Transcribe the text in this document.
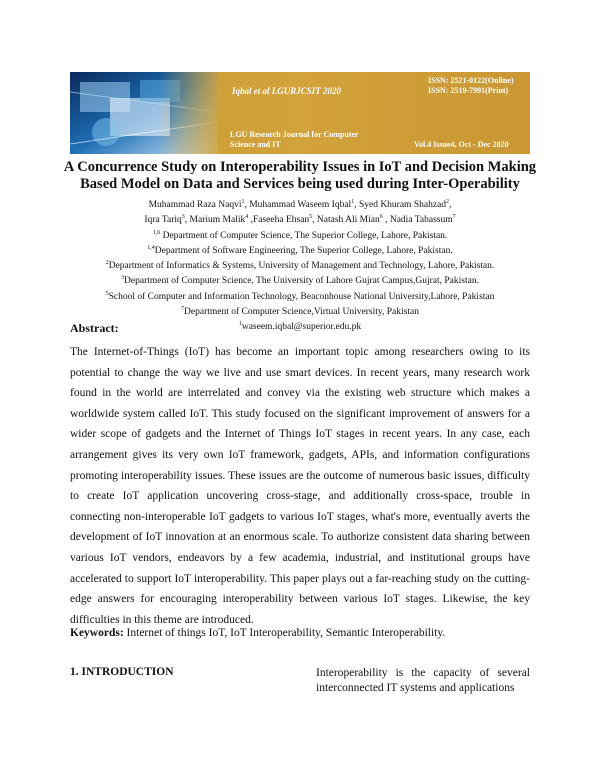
Iqbal et al LGURJCSIT 2020
ISSN: 2521-0122(Online)
ISSN: 2519-7991(Print)
LGU Research Journal for Computer Science and IT	Vol.4 Issue4, Oct - Dec 2020
A Concurrence Study on Interoperability Issues in IoT and Decision Making
Based Model on Data and Services being used during Inter-Operability
Muhammad Raza Naqvi$^1$, Muhammad Waseem Iqbal$^1$, Syed Khuram Shahzad$^2$,
Iqra Tariq$^3$, Marium Malik$^4$ ,Faseeha Ehsan$^5$, Natash Ali Mian$^6$ , Nadia Tabassum$^7$
$^{1,6}$ Department of Computer Science, The Superior College, Lahore, Pakistan.
$^{1,4}$Department of Software Engineering, The Superior College, Lahore, Pakistan.
$^2$Department of Informatics & Systems, University of Management and Technology, Lahore, Pakistan.
$^3$Department of Computer Science, The University of Lahore Gujrat Campus,Gujrat, Pakistan.
$^5$School of Computer and Information Technology, Beaconhouse National University,Lahore, Pakistan
$^7$Department of Computer Science,Virtual University, Pakistan
$^1$waseem.iqbal@superior.edu.pk
Abstract:
The Internet-of-Things (IoT) has become an important topic among researchers owing to its potential to change the way we live and use smart devices. In recent years, many research work found in the world are interrelated and convey via the existing web structure which makes a worldwide system called IoT. This study focused on the significant improvement of answers for a wider scope of gadgets and the Internet of Things IoT stages in recent years. In any case, each arrangement gives its very own IoT framework, gadgets, APIs, and information configurations promoting interoperability issues. These issues are the outcome of numerous basic issues, difficulty to create IoT application uncovering cross-stage, and additionally cross-space, trouble in connecting non-interoperable IoT gadgets to various IoT stages, what's more, eventually averts the development of IoT innovation at an enormous scale. To authorize consistent data sharing between various IoT vendors, endeavors by a few academia, industrial, and institutional groups have accelerated to support IoT interoperability. This paper plays out a far-reaching study on the cutting-edge answers for encouraging interoperability between various IoT stages. Likewise, the key difficulties in this theme are introduced.
Keywords: Internet of things IoT, IoT Interoperability, Semantic Interoperability.
1. INTRODUCTION	Interoperability is the capacity of several interconnected IT systems and applications
